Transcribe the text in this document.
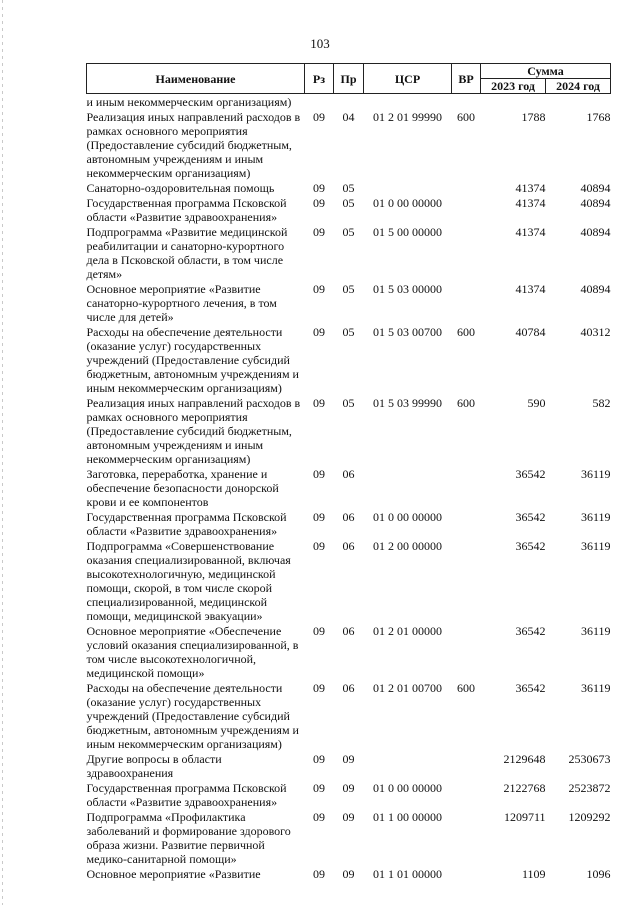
103
Наименование	Рз	Пр	ЦСР	ВР	Сумма	
					2023 год	2024 год
и иным некоммерческим организациям)						
Реализация иных направлений расходов в рамках основного мероприятия (Предоставление субсидий бюджетным, автономным учреждениям и иным некоммерческим организациям)	09	04	01 2 01 99990	600	1788	1768
Санаторно-оздоровительная помощь	09	05			41374	40894
Государственная программа Псковской области «Развитие здравоохранения»	09	05	01 0 00 00000		41374	40894
Подпрограмма «Развитие медицинской реабилитации и санаторно-курортного дела в Псковской области, в том числе детям»	09	05	01 5 00 00000		41374	40894
Основное мероприятие «Развитие санаторно-курортного лечения, в том числе для детей»	09	05	01 5 03 00000		41374	40894
Расходы на обеспечение деятельности (оказание услуг) государственных учреждений (Предоставление субсидий бюджетным, автономным учреждениям и иным некоммерческим организациям)	09	05	01 5 03 00700	600	40784	40312
Реализация иных направлений расходов в рамках основного мероприятия (Предоставление субсидий бюджетным, автономным учреждениям и иным некоммерческим организациям)	09	05	01 5 03 99990	600	590	582
Заготовка, переработка, хранение и обеспечение безопасности донорской крови и ее компонентов	09	06			36542	36119
Государственная программа Псковской области «Развитие здравоохранения»	09	06	01 0 00 00000		36542	36119
Подпрограмма «Совершенствование оказания специализированной, включая высокотехнологичную, медицинской помощи, скорой, в том числе скорой специализированной, медицинской помощи, медицинской эвакуации»	09	06	01 2 00 00000		36542	36119
Основное мероприятие «Обеспечение условий оказания специализированной, в том числе высокотехнологичной, медицинской помощи»	09	06	01 2 01 00000		36542	36119
Расходы на обеспечение деятельности (оказание услуг) государственных учреждений (Предоставление субсидий бюджетным, автономным учреждениям и иным некоммерческим организациям)	09	06	01 2 01 00700	600	36542	36119
Другие вопросы в области здравоохранения	09	09			2129648	2530673
Государственная программа Псковской области «Развитие здравоохранения»	09	09	01 0 00 00000		2122768	2523872
Подпрограмма «Профилактика заболеваний и формирование здорового образа жизни. Развитие первичной медико-санитарной помощи»	09	09	01 1 00 00000		1209711	1209292
Основное мероприятие «Развитие	09	09	01 1 01 00000		1109	1096
